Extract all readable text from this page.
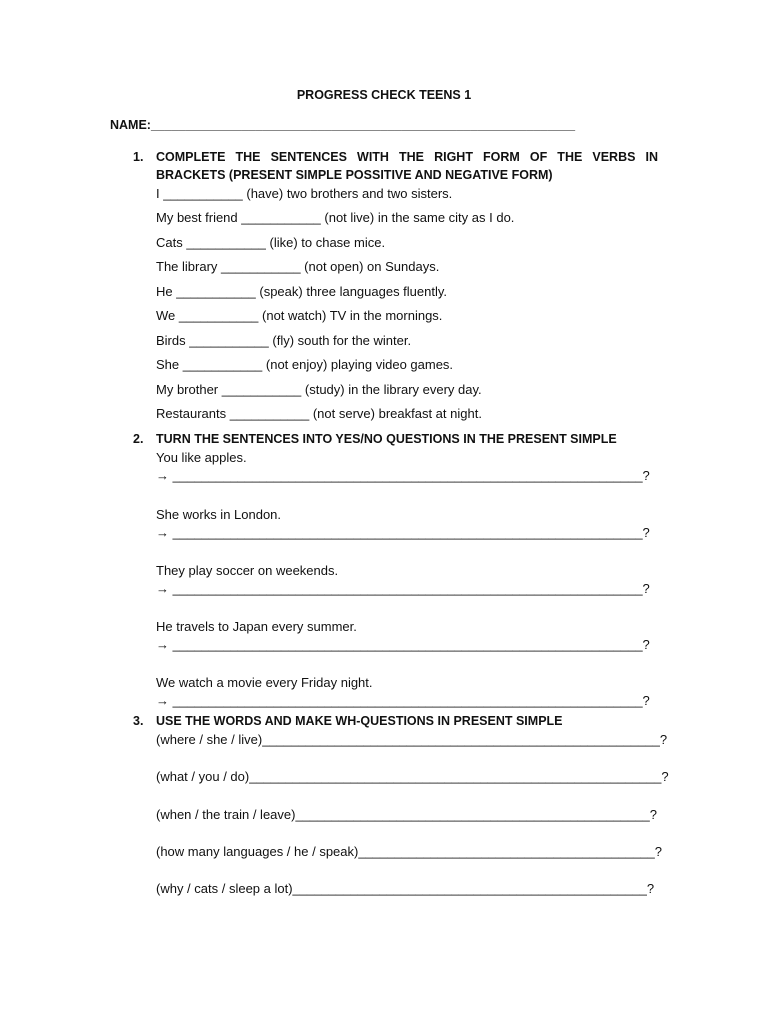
PROGRESS CHECK TEENS 1
NAME:_____________________________________________________________
1. COMPLETE THE SENTENCES WITH THE RIGHT FORM OF THE VERBS IN BRACKETS (PRESENT SIMPLE POSSITIVE AND NEGATIVE FORM)
I ___________ (have) two brothers and two sisters.
My best friend ___________ (not live) in the same city as I do.
Cats ___________ (like) to chase mice.
The library ___________ (not open) on Sundays.
He ___________ (speak) three languages fluently.
We ___________ (not watch) TV in the mornings.
Birds ___________ (fly) south for the winter.
She ___________ (not enjoy) playing video games.
My brother ___________ (study) in the library every day.
Restaurants ___________ (not serve) breakfast at night.
2. TURN THE SENTENCES INTO YES/NO QUESTIONS IN THE PRESENT SIMPLE
You like apples.
→ _________________________________________________________________?
She works in London.
→ _________________________________________________________________?
They play soccer on weekends.
→ _________________________________________________________________?
He travels to Japan every summer.
→ _________________________________________________________________?
We watch a movie every Friday night.
→ _________________________________________________________________?
3. USE THE WORDS AND MAKE WH-QUESTIONS IN PRESENT SIMPLE
(where / she / live)_______________________________________________________?
(what / you / do)_________________________________________________________?
(when / the train / leave)_________________________________________________?
(how many languages / he / speak)_________________________________________?
(why / cats / sleep a lot)_________________________________________________?
